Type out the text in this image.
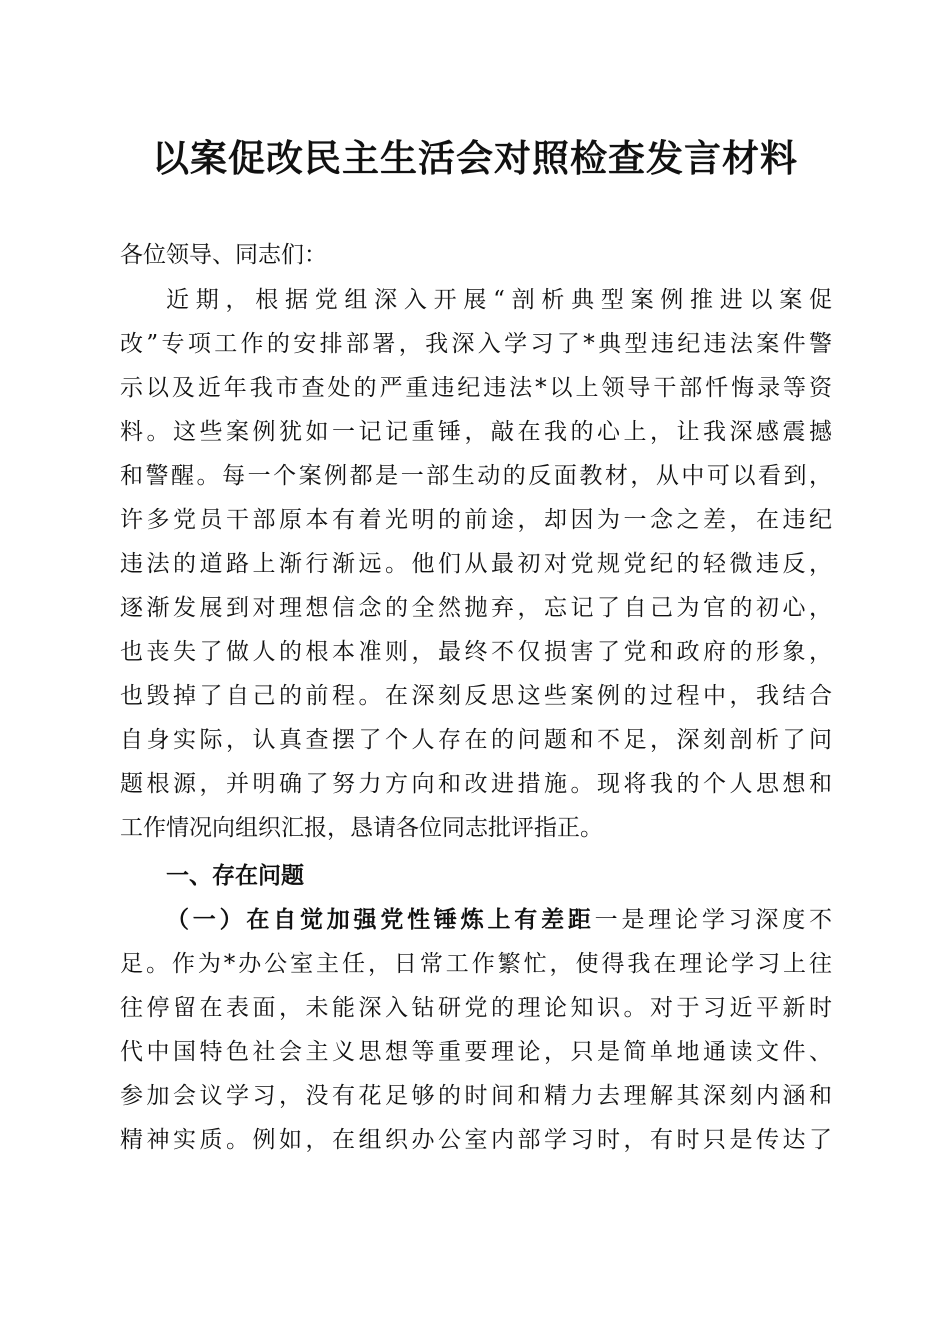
以案促改民主生活会对照检查发言材料
各位领导、同志们：
近期，根据党组深入开展“剖析典型案例推进以案促
改”专项工作的安排部署，我深入学习了*典型违纪违法案件警
示以及近年我市查处的严重违纪违法*以上领导干部忏悔录等资
料。这些案例犹如一记记重锤，敲在我的心上，让我深感震撼
和警醒。每一个案例都是一部生动的反面教材，从中可以看到，
许多党员干部原本有着光明的前途，却因为一念之差，在违纪
违法的道路上渐行渐远。他们从最初对党规党纪的轻微违反，
逐渐发展到对理想信念的全然抛弃，忘记了自己为官的初心，
也丧失了做人的根本准则，最终不仅损害了党和政府的形象，
也毁掉了自己的前程。在深刻反思这些案例的过程中，我结合
自身实际，认真查摆了个人存在的问题和不足，深刻剖析了问
题根源，并明确了努力方向和改进措施。现将我的个人思想和
工作情况向组织汇报，恳请各位同志批评指正。
一、存在问题
（一）在自觉加强党性锤炼上有差距一是理论学习深度不
足。作为*办公室主任，日常工作繁忙，使得我在理论学习上往
往停留在表面，未能深入钻研党的理论知识。对于习近平新时
代中国特色社会主义思想等重要理论，只是简单地通读文件、
参加会议学习，没有花足够的时间和精力去理解其深刻内涵和
精神实质。例如，在组织办公室内部学习时，有时只是传达了
